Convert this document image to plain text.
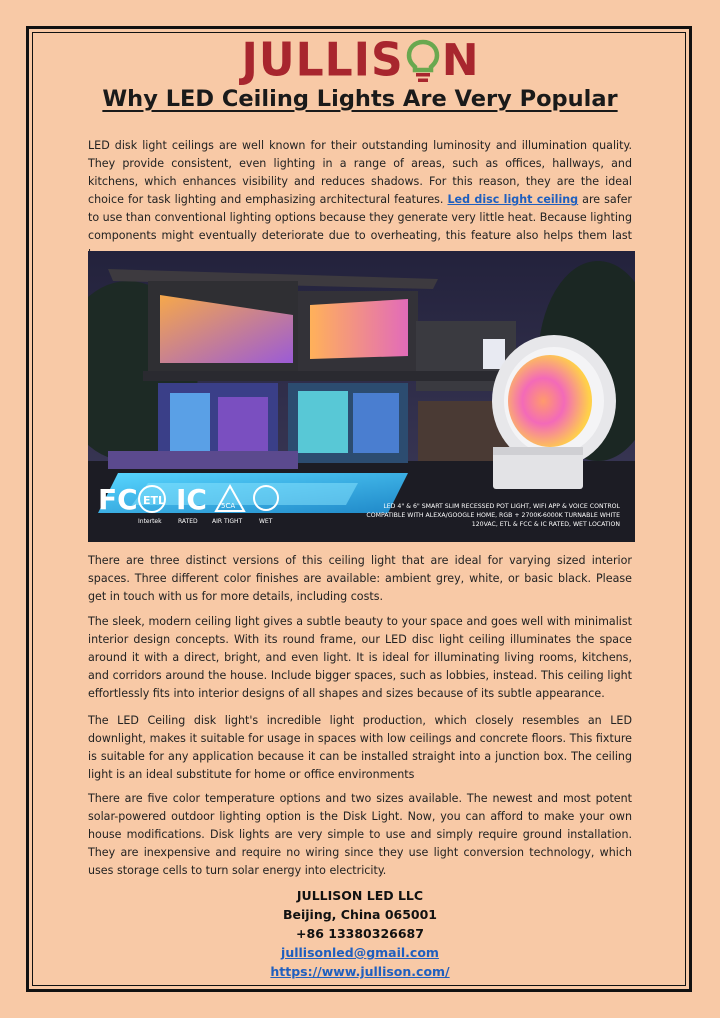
JULLIS N
Why LED Ceiling Lights Are Very Popular

LED disk light ceilings are well known for their outstanding luminosity and illumination quality. They provide consistent, even lighting in a range of areas, such as offices, hallways, and kitchens, which enhances visibility and reduces shadows. For this reason, they are the ideal choice for task lighting and emphasizing architectural features. Led disc light ceiling are safer to use than conventional lighting options because they generate very little heat. Because lighting components might eventually deteriorate due to overheating, this feature also helps them last

FC ETL IC 5CA
Intertek	RATED AIR TIGHT	WET
LED 4" & 6" SMART SLIM RECESSED POT LIGHT, WIFI APP & VOICE CONTROL
COMPATIBLE WITH ALEXA/GOOGLE HOME, RGB + 2700K-6000K TURNABLE WHITE
120VAC, ETL & FCC & IC RATED, WET LOCATION

There are three distinct versions of this ceiling light that are ideal for varying sized interior spaces. Three different color finishes are available: ambient grey, white, or basic black. Please get in touch with us for more details, including costs.

The sleek, modern ceiling light gives a subtle beauty to your space and goes well with minimalist interior design concepts. With its round frame, our LED disc light ceiling illuminates the space around it with a direct, bright, and even light. It is ideal for illuminating living rooms, kitchens, and corridors around the house. Include bigger spaces, such as lobbies, instead. This ceiling light effortlessly fits into interior designs of all shapes and sizes because of its subtle appearance.

The LED Ceiling disk light's incredible light production, which closely resembles an LED downlight, makes it suitable for usage in spaces with low ceilings and concrete floors. This fixture is suitable for any application because it can be installed straight into a junction box. The ceiling light is an ideal substitute for home or office environments

There are five color temperature options and two sizes available. The newest and most potent solar-powered outdoor lighting option is the Disk Light. Now, you can afford to make your own house modifications. Disk lights are very simple to use and simply require ground installation. They are inexpensive and require no wiring since they use light conversion technology, which uses storage cells to turn solar energy into electricity.

JULLISON LED LLC
Beijing, China 065001
+86 13380326687
jullisonled@gmail.com
https://www.jullison.com/
